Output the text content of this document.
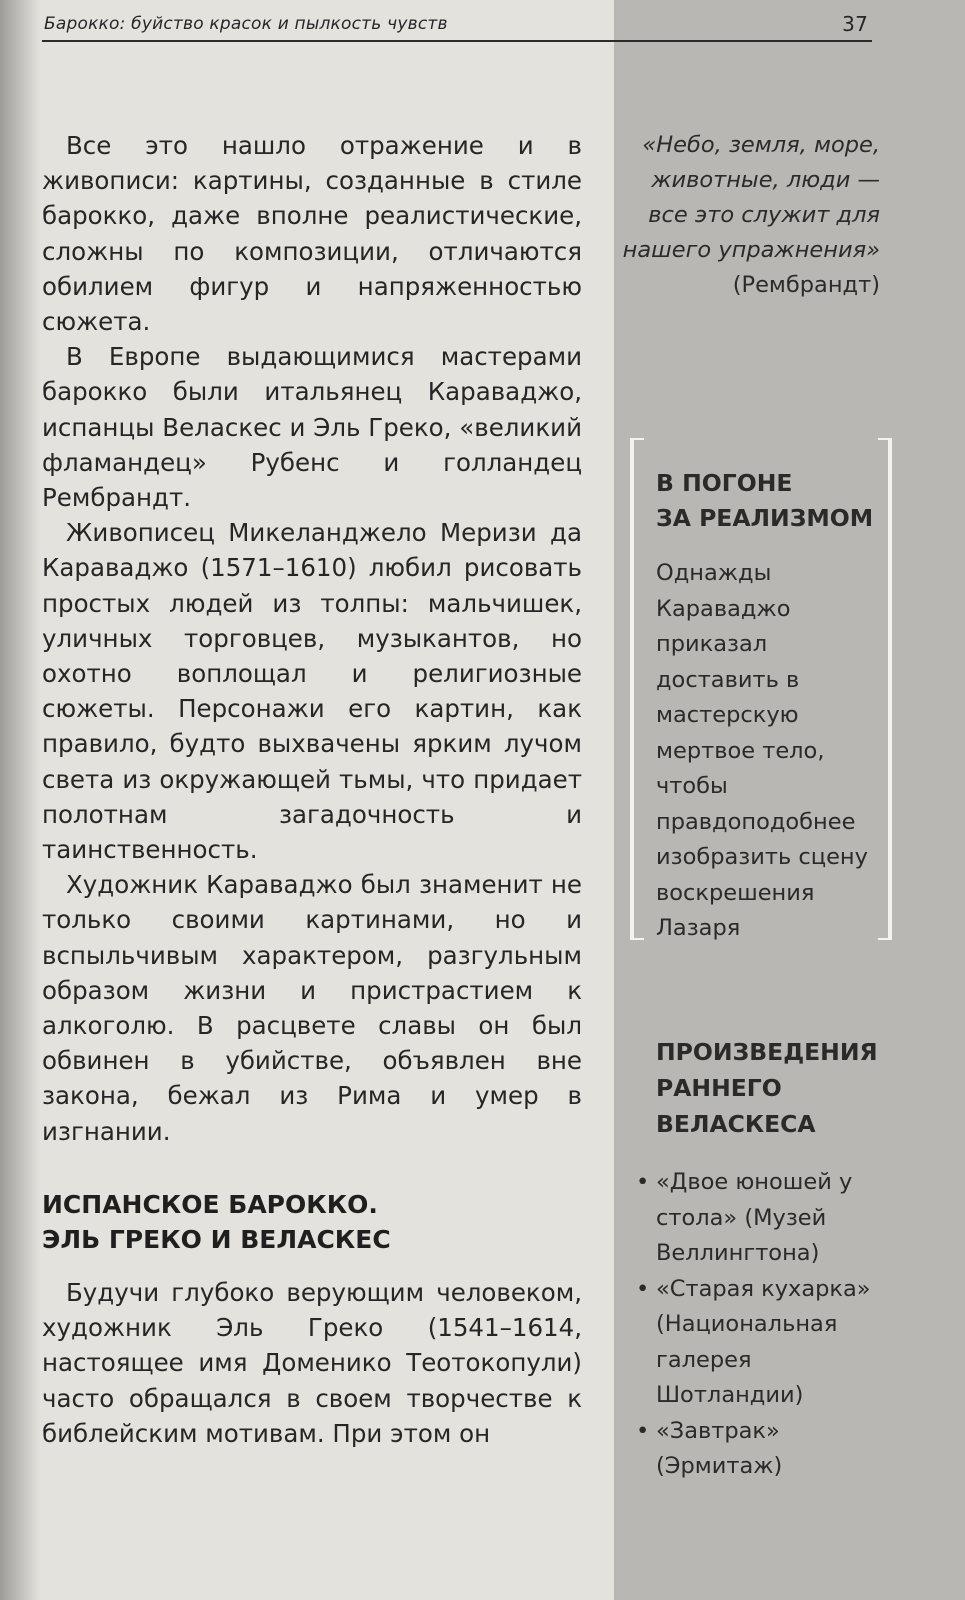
Барокко: буйство красок и пылкость чувств	37

Все это нашло отражение и в живописи: картины, созданные в стиле барокко, даже вполне реалистические, сложны по композиции, отличаются обилием фигур и напряженностью сюжета.

В Европе выдающимися мастерами барокко были итальянец Караваджо, испанцы Веласкес и Эль Греко, «великий фламандец» Рубенс и голландец Рембрандт.

Живописец Микеланджело Меризи да Караваджо (1571–1610) любил рисовать простых людей из толпы: мальчишек, уличных торговцев, музыкантов, но охотно воплощал и религиозные сюжеты. Персонажи его картин, как правило, будто выхвачены ярким лучом света из окружающей тьмы, что придает полотнам загадочность и таинственность.

Художник Караваджо был знаменит не только своими картинами, но и вспыльчивым характером, разгульным образом жизни и пристрастием к алкоголю. В расцвете славы он был обвинен в убийстве, объявлен вне закона, бежал из Рима и умер в изгнании.

ИСПАНСКОЕ БАРОККО.
ЭЛЬ ГРЕКО И ВЕЛАСКЕС

Будучи глубоко верующим человеком, художник Эль Греко (1541–1614, настоящее имя Доменико Теотокопули) часто обращался в своем творчестве к библейским мотивам. При этом он

«Небо, земля, море,
животные, люди —
все это служит для
нашего упражнения»
(Рембрандт)
В ПОГОНЕ
ЗА РЕАЛИЗМОМ
Однажды Караваджо приказал доставить в мастерскую мертвое тело, чтобы правдоподобнее изобразить сцену воскрешения Лазаря
ПРОИЗВЕДЕНИЯ
РАННЕГО
ВЕЛАСКЕСА
• «Двое юношей у стола» (Музей Веллингтона)
• «Старая кухарка» (Национальная галерея Шотландии)
• «Завтрак» (Эрмитаж)
